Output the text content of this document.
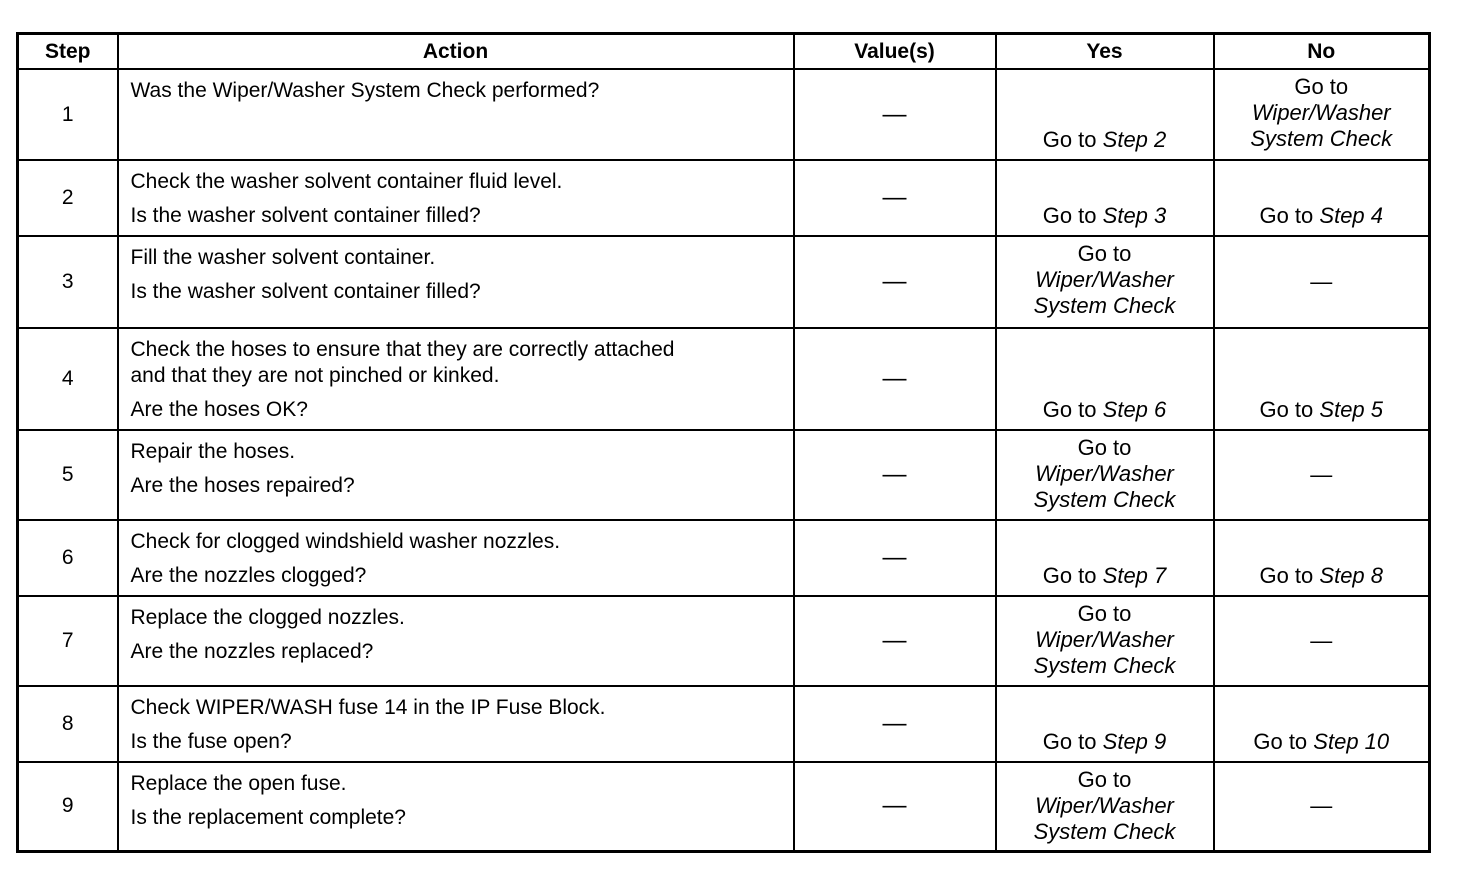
Step	Action	Value(s)	Yes	No
1	Was the Wiper/Washer System Check performed?	—	Go to Step 2	Go to
Wiper/Washer
System Check

2	Check the washer solvent container fluid level.
Is the washer solvent container filled?	—	Go to Step 3	Go to Step 4
3	Fill the washer solvent container.
Is the washer solvent container filled?	—	Go to
Wiper/Washer
System Check	—
4	Check the hoses to ensure that they are correctly attached
and that they are not pinched or kinked.
Are the hoses OK?	—	Go to Step 6	Go to Step 5
5	Repair the hoses.
Are the hoses repaired?	—	Go to
Wiper/Washer
System Check	—
6	Check for clogged windshield washer nozzles.
Are the nozzles clogged?	—	Go to Step 7	Go to Step 8
7	Replace the clogged nozzles.
Are the nozzles replaced?	—	Go to
Wiper/Washer
System Check	—
8	Check WIPER/WASH fuse 14 in the IP Fuse Block.
Is the fuse open?	—	Go to Step 9	Go to Step 10
9	Replace the open fuse.
Is the replacement complete?	—	Go to
Wiper/Washer
System Check	—
